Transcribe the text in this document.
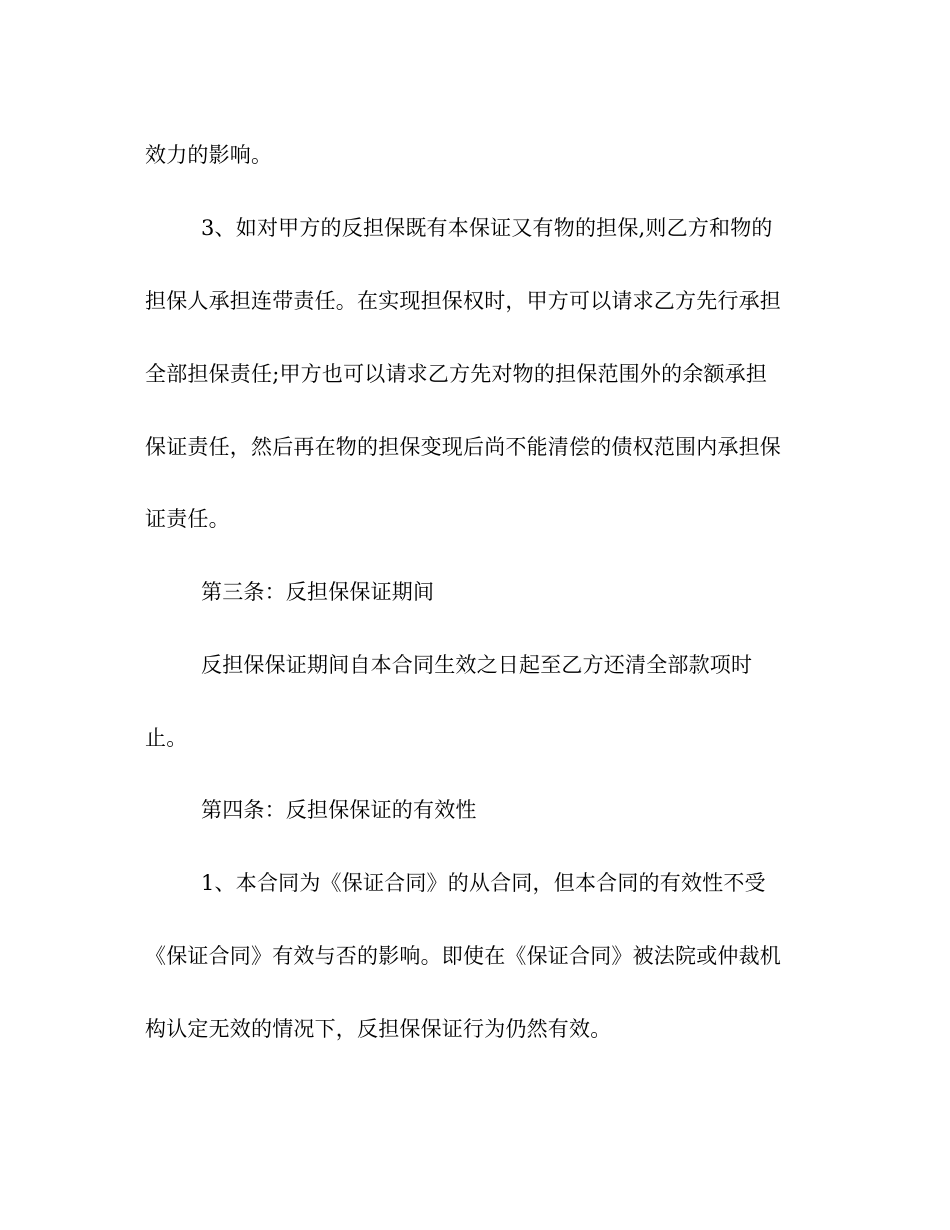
效力的影响。
3、如对甲方的反担保既有本保证又有物的担保,则乙方和物的
担保人承担连带责任。在实现担保权时，甲方可以请求乙方先行承担
全部担保责任;甲方也可以请求乙方先对物的担保范围外的余额承担
保证责任，然后再在物的担保变现后尚不能清偿的债权范围内承担保
证责任。
第三条：反担保保证期间
反担保保证期间自本合同生效之日起至乙方还清全部款项时
止。
第四条：反担保保证的有效性
1、本合同为《保证合同》的从合同，但本合同的有效性不受
《保证合同》有效与否的影响。即使在《保证合同》被法院或仲裁机
构认定无效的情况下，反担保保证行为仍然有效。
